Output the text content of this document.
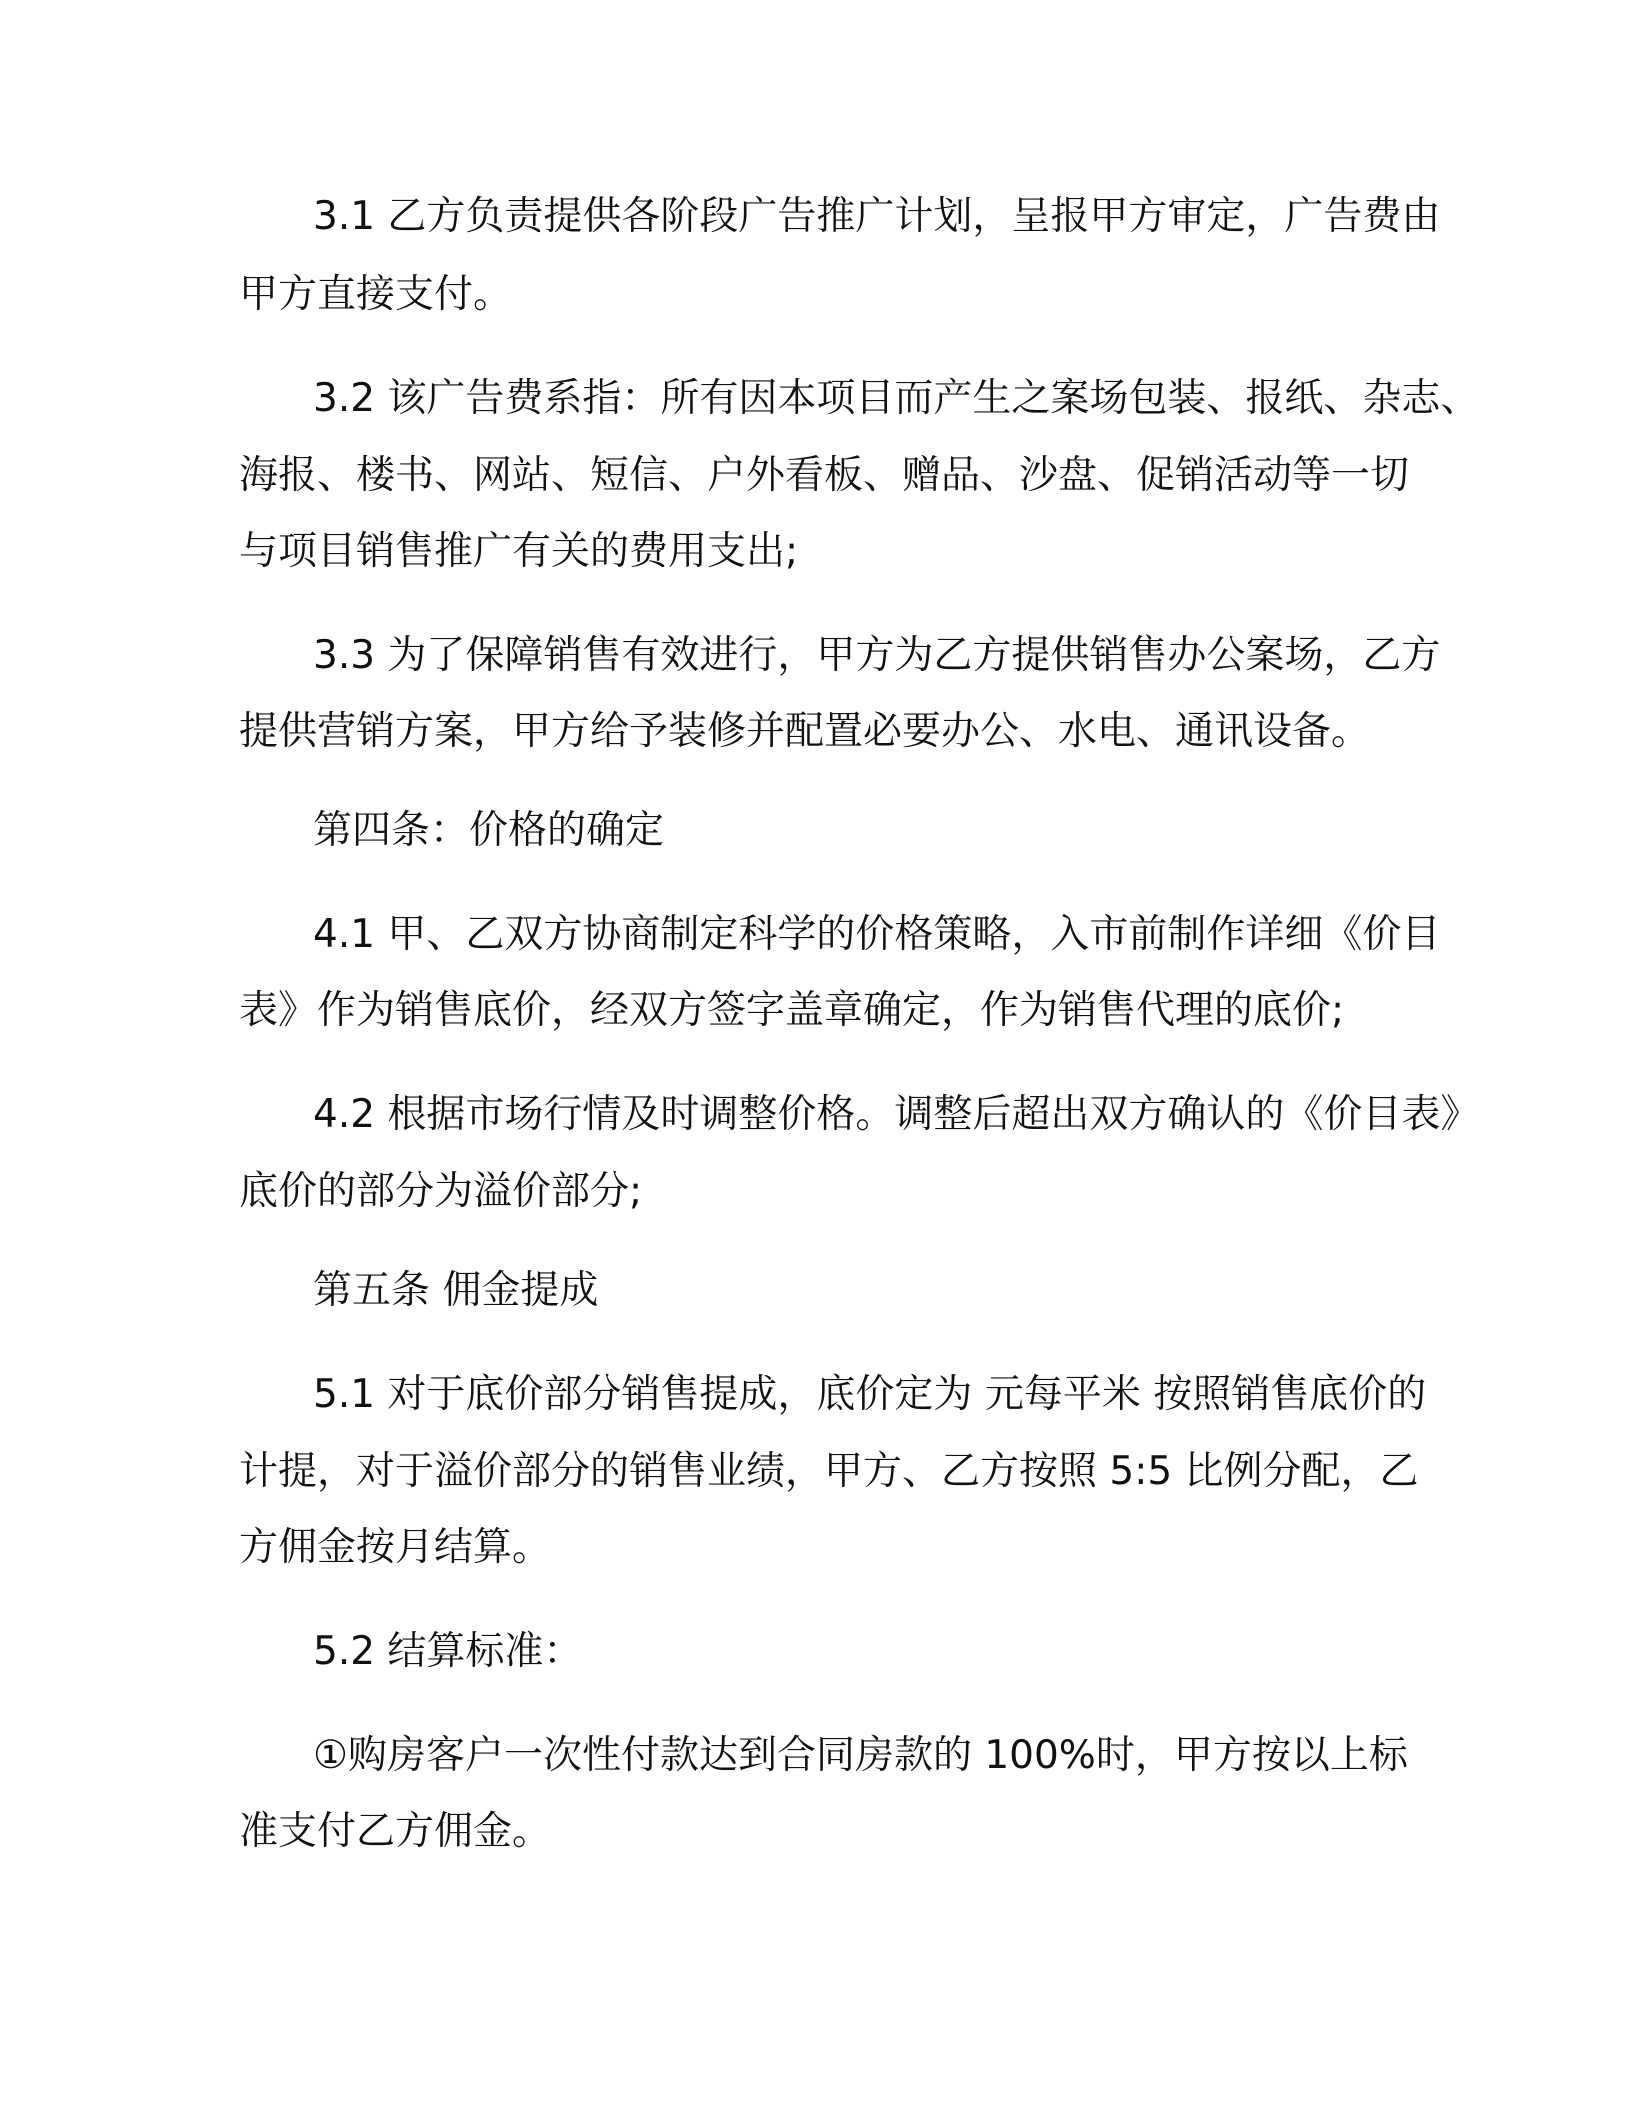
3.1 乙方负责提供各阶段广告推广计划，呈报甲方审定，广告费由
甲方直接支付。
3.2 该广告费系指：所有因本项目而产生之案场包装、报纸、杂志、
海报、楼书、网站、短信、户外看板、赠品、沙盘、促销活动等一切
与项目销售推广有关的费用支出;
3.3 为了保障销售有效进行，甲方为乙方提供销售办公案场，乙方
提供营销方案，甲方给予装修并配置必要办公、水电、通讯设备。
第四条：价格的确定
4.1 甲、乙双方协商制定科学的价格策略，入市前制作详细《价目
表》作为销售底价，经双方签字盖章确定，作为销售代理的底价;
4.2 根据市场行情及时调整价格。调整后超出双方确认的《价目表》
底价的部分为溢价部分;
第五条 佣金提成
5.1 对于底价部分销售提成，底价定为 元每平米 按照销售底价的
计提，对于溢价部分的销售业绩，甲方、乙方按照 5:5 比例分配，乙
方佣金按月结算。
5.2 结算标准：
①购房客户一次性付款达到合同房款的 100%时，甲方按以上标
准支付乙方佣金。
